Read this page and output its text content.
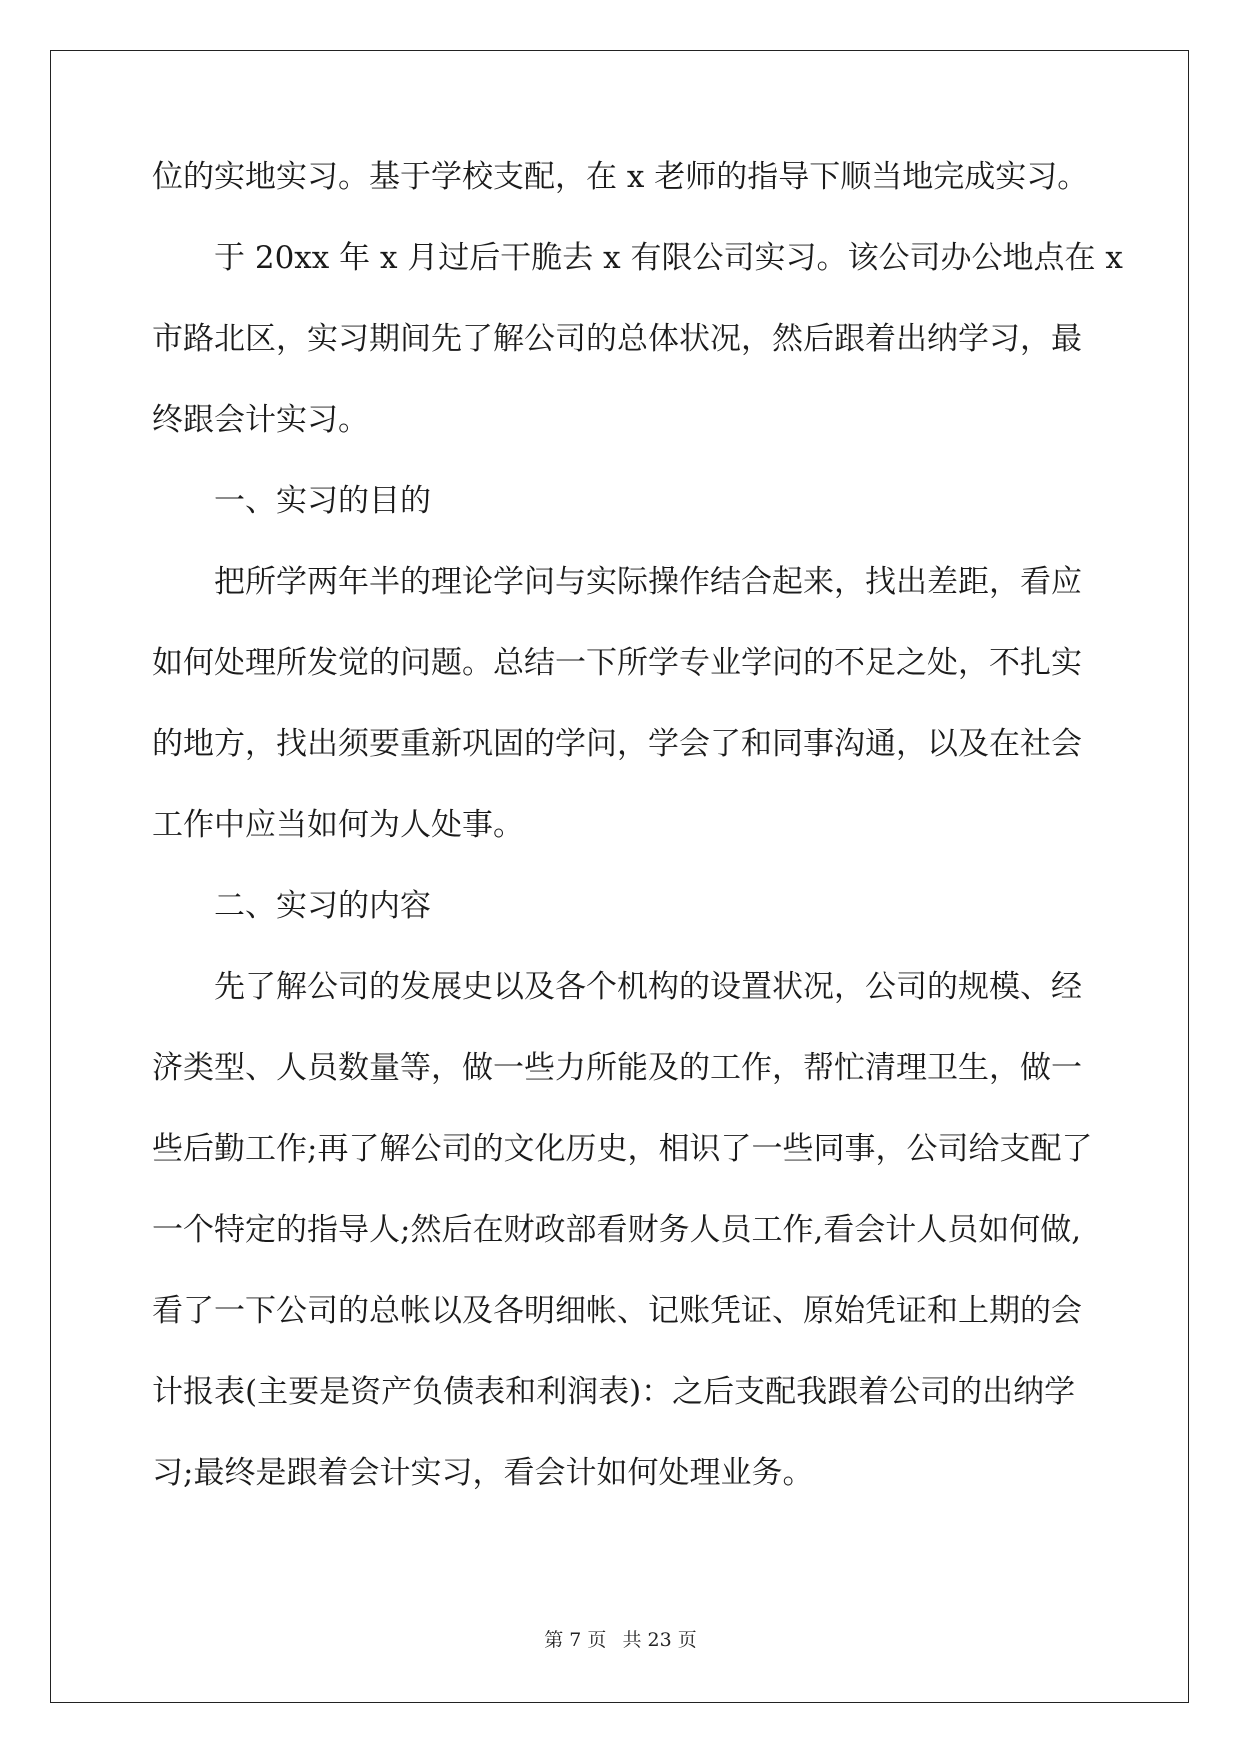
位的实地实习。基于学校支配，在 x 老师的指导下顺当地完成实习。
　　于 20xx 年 x 月过后干脆去 x 有限公司实习。该公司办公地点在 x
市路北区，实习期间先了解公司的总体状况，然后跟着出纳学习，最
终跟会计实习。
　　一、实习的目的
　　把所学两年半的理论学问与实际操作结合起来，找出差距，看应
如何处理所发觉的问题。总结一下所学专业学问的不足之处，不扎实
的地方，找出须要重新巩固的学问，学会了和同事沟通，以及在社会
工作中应当如何为人处事。
　　二、实习的内容
　　先了解公司的发展史以及各个机构的设置状况，公司的规模、经
济类型、人员数量等，做一些力所能及的工作，帮忙清理卫生，做一
些后勤工作;再了解公司的文化历史，相识了一些同事，公司给支配了
一个特定的指导人;然后在财政部看财务人员工作,看会计人员如何做,
看了一下公司的总帐以及各明细帐、记账凭证、原始凭证和上期的会
计报表(主要是资产负债表和利润表)：之后支配我跟着公司的出纳学
习;最终是跟着会计实习，看会计如何处理业务。
第 7 页 共 23 页
